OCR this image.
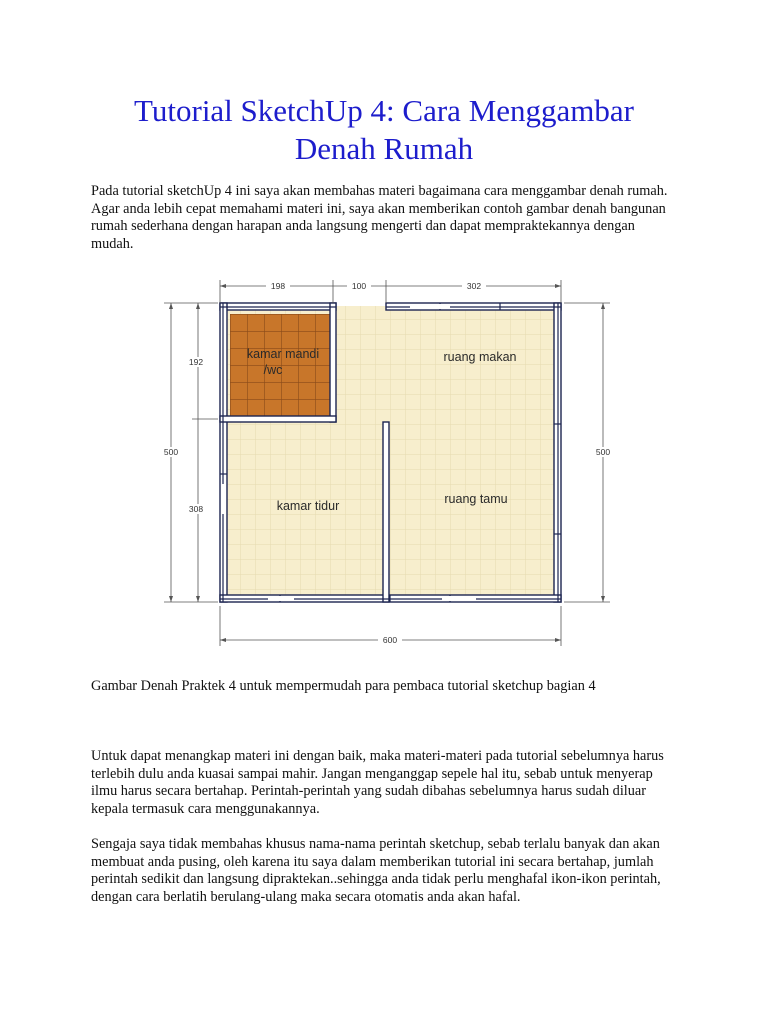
Tutorial SketchUp 4: Cara Menggambar
Denah Rumah

Pada tutorial sketchUp 4 ini saya akan membahas materi bagaimana cara menggambar denah rumah. Agar anda lebih cepat memahami materi ini, saya akan memberikan contoh gambar denah bangunan rumah sederhana dengan harapan anda langsung mengerti dan dapat mempraktekannya dengan mudah.

198	100	302
600
500
192
308
500
kamar mandi
/wc
ruang makan
kamar tidur	ruang tamu

Gambar Denah Praktek 4 untuk mempermudah para pembaca tutorial sketchup bagian 4

Untuk dapat menangkap materi ini dengan baik, maka materi-materi pada tutorial sebelumnya harus terlebih dulu anda kuasai sampai mahir. Jangan menganggap sepele hal itu, sebab untuk menyerap ilmu harus secara bertahap. Perintah-perintah yang sudah dibahas sebelumnya harus sudah diluar kepala termasuk cara menggunakannya.

Sengaja saya tidak membahas khusus nama-nama perintah sketchup, sebab terlalu banyak dan akan membuat anda pusing, oleh karena itu saya dalam memberikan tutorial ini secara bertahap, jumlah perintah sedikit dan langsung dipraktekan..sehingga anda tidak perlu menghafal ikon-ikon perintah, dengan cara berlatih berulang-ulang maka secara otomatis anda akan hafal.
